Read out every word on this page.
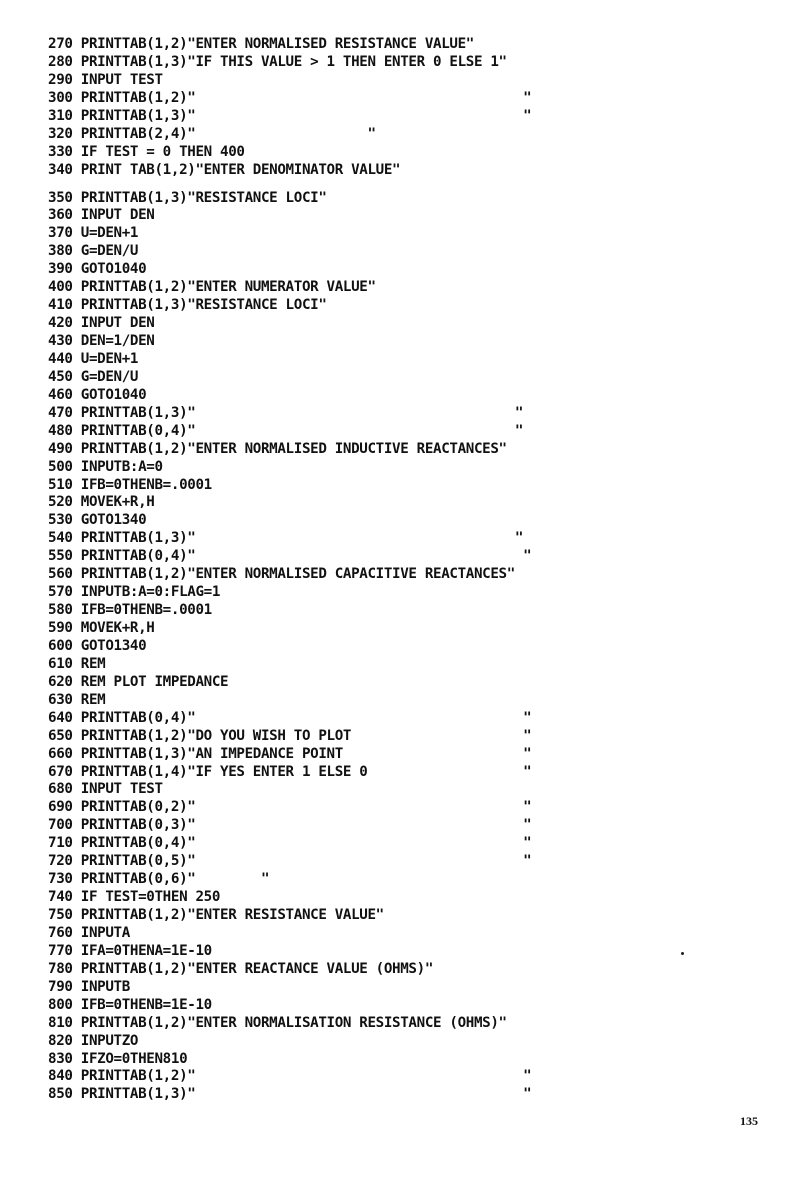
270 PRINTTAB(1,2)"ENTER NORMALISED RESISTANCE VALUE"
280 PRINTTAB(1,3)"IF THIS VALUE > 1 THEN ENTER 0 ELSE 1"
290 INPUT TEST
300 PRINTTAB(1,2)"                                        "
310 PRINTTAB(1,3)"                                        "
320 PRINTTAB(2,4)"                     "
330 IF TEST = 0 THEN 400
340 PRINT TAB(1,2)"ENTER DENOMINATOR VALUE"
350 PRINTTAB(1,3)"RESISTANCE LOCI"
360 INPUT DEN
370 U=DEN+1
380 G=DEN/U
390 GOTO1040
400 PRINTTAB(1,2)"ENTER NUMERATOR VALUE"
410 PRINTTAB(1,3)"RESISTANCE LOCI"
420 INPUT DEN
430 DEN=1/DEN
440 U=DEN+1
450 G=DEN/U
460 GOTO1040
470 PRINTTAB(1,3)"                                       "
480 PRINTTAB(0,4)"                                       "
490 PRINTTAB(1,2)"ENTER NORMALISED INDUCTIVE REACTANCES"
500 INPUTB:A=0
510 IFB=0THENB=.0001
520 MOVEK+R,H
530 GOTO1340
540 PRINTTAB(1,3)"                                       "
550 PRINTTAB(0,4)"                                        "
560 PRINTTAB(1,2)"ENTER NORMALISED CAPACITIVE REACTANCES"
570 INPUTB:A=0:FLAG=1
580 IFB=0THENB=.0001
590 MOVEK+R,H
600 GOTO1340
610 REM
620 REM PLOT IMPEDANCE
630 REM
640 PRINTTAB(0,4)"                                        "
650 PRINTTAB(1,2)"DO YOU WISH TO PLOT                     "
660 PRINTTAB(1,3)"AN IMPEDANCE POINT                      "
670 PRINTTAB(1,4)"IF YES ENTER 1 ELSE 0                   "
680 INPUT TEST
690 PRINTTAB(0,2)"                                        "
700 PRINTTAB(0,3)"                                        "
710 PRINTTAB(0,4)"                                        "
720 PRINTTAB(0,5)"                                        "
730 PRINTTAB(0,6)"        "
740 IF TEST=0THEN 250
750 PRINTTAB(1,2)"ENTER RESISTANCE VALUE"
760 INPUTA
770 IFA=0THENA=1E-10
780 PRINTTAB(1,2)"ENTER REACTANCE VALUE (OHMS)"
790 INPUTB
800 IFB=0THENB=1E-10
810 PRINTTAB(1,2)"ENTER NORMALISATION RESISTANCE (OHMS)"
820 INPUTZO
830 IFZO=0THEN810
840 PRINTTAB(1,2)"                                        "
850 PRINTTAB(1,3)"                                        "
135
